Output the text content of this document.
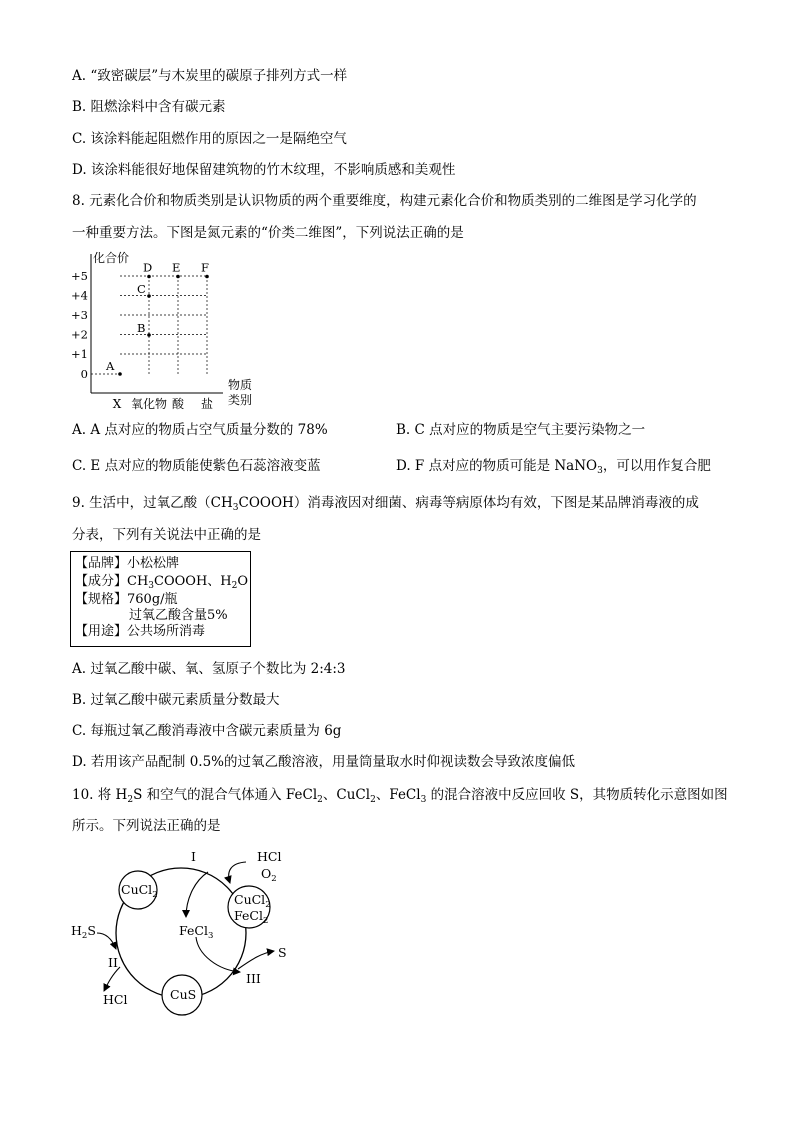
A. “致密碳层”与木炭里的碳原子排列方式一样
B. 阻燃涂料中含有碳元素
C. 该涂料能起阻燃作用的原因之一是隔绝空气
D. 该涂料能很好地保留建筑物的竹木纹理，不影响质感和美观性
8. 元素化合价和物质类别是认识物质的两个重要维度，构建元素化合价和物质类别的二维图是学习化学的
一种重要方法。下图是氮元素的“价类二维图”，下列说法正确的是
化合价
物质
类别
+5
+4
+3
+2
+1
0
X 氧化物 酸 盐
A
B
C
D E F
A. A 点对应的物质占空气质量分数的 78%	B. C 点对应的物质是空气主要污染物之一
C. E 点对应的物质能使紫色石蕊溶液变蓝	D. F 点对应的物质可能是 NaNO$_3$，可以用作复合肥
9. 生活中，过氧乙酸$(CH_3COOOH)$消毒液因对细菌、病毒等病原体均有效，下图是某品牌消毒液的成
分表，下列有关说法中正确的是
【品牌】小松松牌
【成分】$CH_3COOOH$、$H_2O$
【规格】760g/瓶
过氧乙酸含量5%
【用途】公共场所消毒
A. 过氧乙酸中碳、氧、氢原子个数比为 2:4:3
B. 过氧乙酸中碳元素质量分数最大
C. 每瓶过氧乙酸消毒液中含碳元素质量为 6g
D. 若用该产品配制 0.5%的过氧乙酸溶液，用量筒量取水时仰视读数会导致浓度偏低
10. 将 $H_2S$ 和空气的混合气体通入 FeCl$_2$、CuCl$_2$、FeCl$_3$ 的混合溶液中反应回收 S，其物质转化示意图如图
所示。下列说法正确的是
I
II
III
HCl
$O_2$
CuCl$_2$	CuCl$_2$
FeCl$_2$
FeCl$_3$
S
$H_2S$
HCl	CuS
